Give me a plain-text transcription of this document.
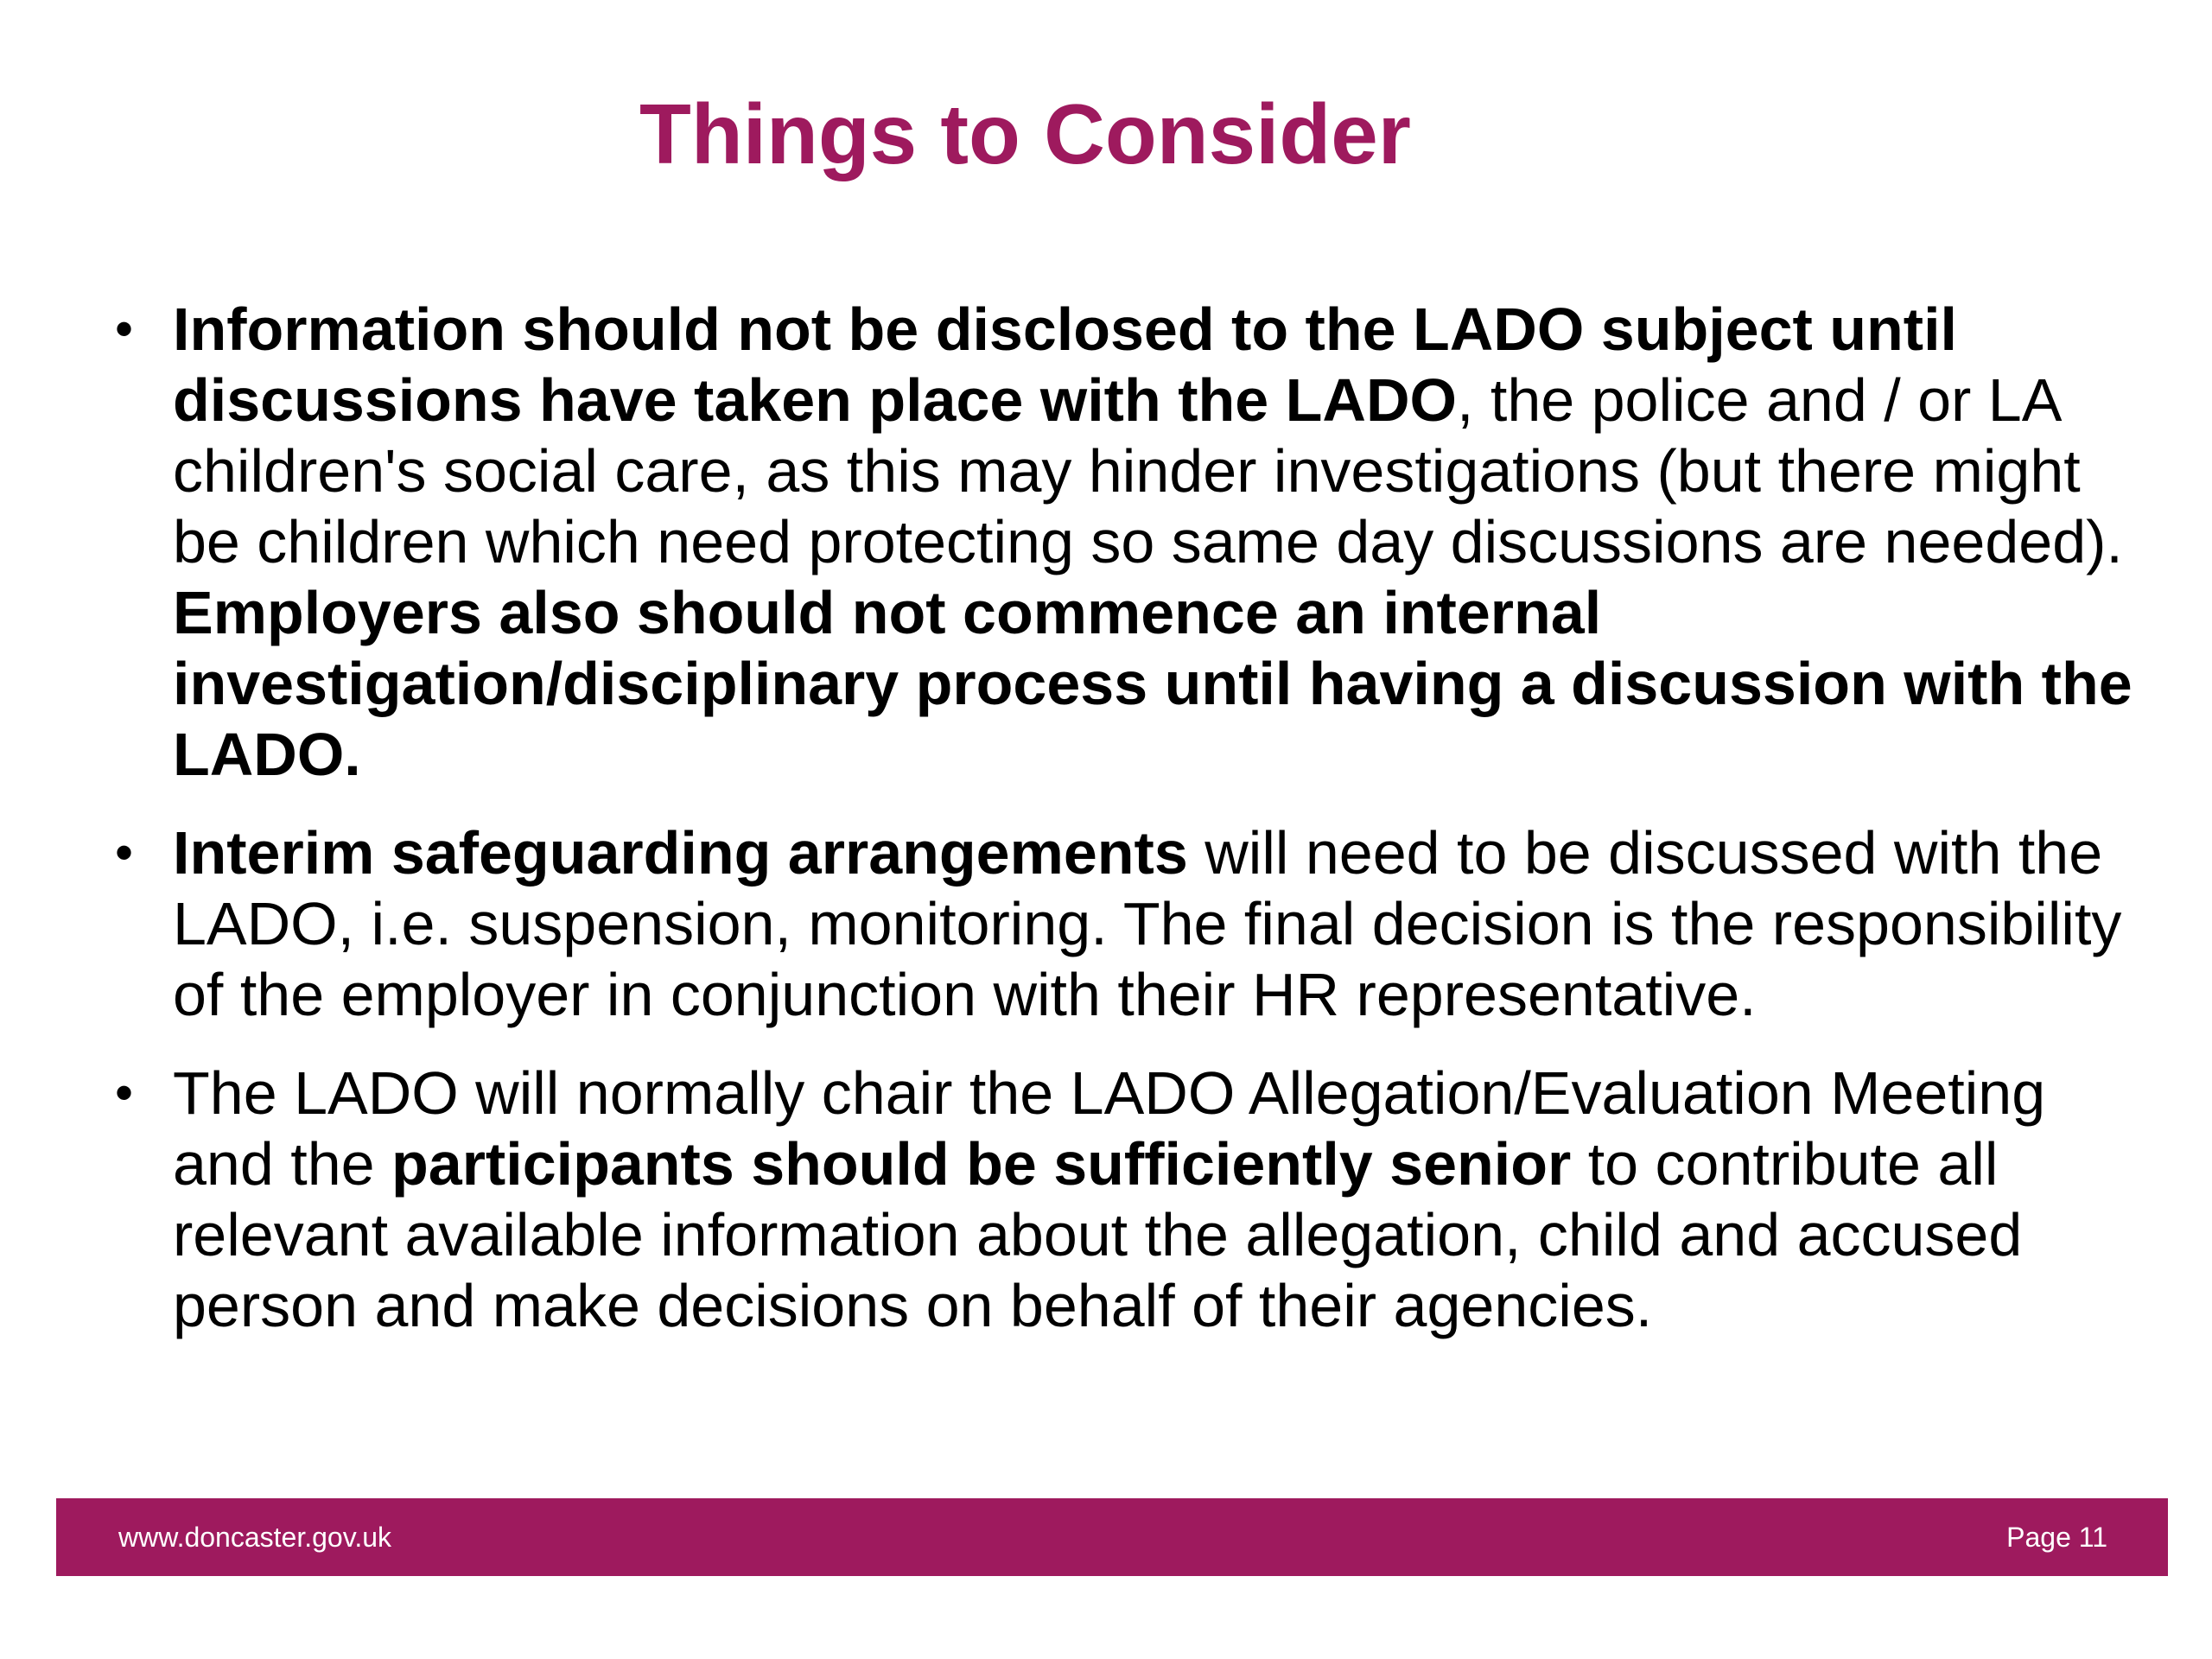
Things to Consider
• Information should not be disclosed to the LADO subject until discussions have taken place with the LADO, the police and / or LA children's social care, as this may hinder investigations (but there might be children which need protecting so same day discussions are needed). Employers also should not commence an internal investigation/disciplinary process until having a discussion with the LADO.
• Interim safeguarding arrangements will need to be discussed with the LADO, i.e. suspension, monitoring. The final decision is the responsibility of the employer in conjunction with their HR representative.
• The LADO will normally chair the LADO Allegation/Evaluation Meeting and the participants should be sufficiently senior to contribute all relevant available information about the allegation, child and accused person and make decisions on behalf of their agencies.
www.doncaster.gov.uk	Page 11
